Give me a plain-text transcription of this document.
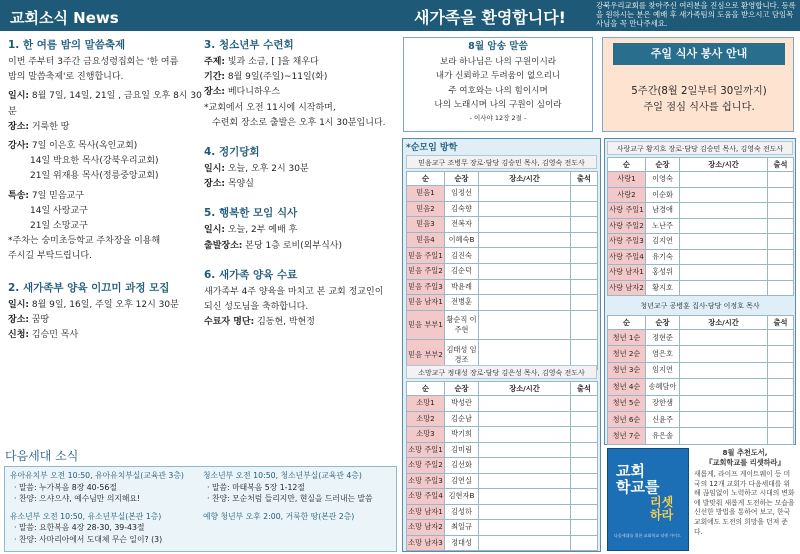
교회소식 News	새가족을 환영합니다!
강북우리교회를 찾아주신 여러분을 진심으로 환영합니다. 등록을 원하시는 분은 예배 후 새가족팀의 도움을 받으시고 담임목사님을 꼭 만나주세요.
1. 한 여름 밤의 말씀축제
이번 주부터 3주간 금요성령집회는 '한 여름
밤의 말씀축제'로 진행합니다.
일시: 8월 7일, 14일, 21일 , 금요일 오후 8시 30분
장소: 거룩한 땅
강사: 7일 이은호 목사(옥인교회)
14일 박요한 목사(강북우리교회)
21일 위재용 목사(정릉중앙교회)
특송: 7일 믿음교구
14일 사랑교구
21일 소망교구
*주차는 숭미초등학교 주차장을 이용해
주시길 부탁드립니다.
2. 새가족부 양육 이끄미 과정 모집
일시: 8월 9일, 16일, 주일 오후 12시 30분
장소: 꿈땅
신청: 김승민 목사
3. 청소년부 수련회
주제: 빛과 소금, [ ]을 채우다
기간: 8월 9일(주일)~11일(화)
장소: 베다니하우스
*교회에서 오전 11시에 시작하며,
수련회 장소로 출발은 오후 1시 30분입니다.
4. 정기당회
일시: 오늘, 오후 2시 30분
장소: 목양실
5. 행복한 모임 식사
일시: 오늘, 2부 예배 후
출발장소: 본당 1층 로비(외부식사)
6. 새가족 양육 수료
새가족부 4주 양육을 마치고 본 교회 정교인이
되신 성도님을 축하합니다.
수료자 명단: 김동현, 박현정
다음세대 소식
유아유치부 오전 10:50, 유아유치부실(교육관 3층)
· 말씀: 누가복음 8장 40-56절
· 찬양: 으샤으샤, 예수님만 의지해요!
유소년부 오전 10:50, 유소년부실(본관 1층)
· 말씀: 요한복음 4장 28-30, 39-43절
· 찬양: 사마리아에서 도대체 무슨 일이? (3)
청소년부 오전 10:50, 청소년부실(교육관 4층)
· 말씀: 마태복음 5장 1-12절
· 찬양: 모순처럼 들리지만, 현실을 드러내는 말씀
예향 청년부 오후 2:00, 거룩한 땅(본관 2층)
8월 암송 말씀
보라 하나님은 나의 구원이시라
내가 신뢰하고 두려움이 없으리니
주 여호와는 나의 힘이시며
나의 노래시며 나의 구원이 심이라
- 이사야 12장 2절 -
주일 식사 봉사 안내
5주간(8월 2일부터 30일까지)
주일 점심 식사를 쉽니다.
*순모임 방학
믿음교구 조병무 장로·담당 김승민 목사, 김영숙 전도사
순	순장	장소/시간	출석
믿음1	임정선		
믿음2	김숙향		
믿음3	전복자		
믿음4	이혜숙B		
믿음 주일1	김진숙		
믿음 주일2	김순덕		
믿음 주일3	박윤례		
믿음 남자1	전병훈		
믿음 부부1	황순직 이주현		
믿음 부부2	김태성 임경조		
소망교구 정대성 장로·담당 김은성 목사, 김영숙 전도사
순	순장	장소/시간	출석
소망1	박성란		
소망2	김순남		
소망3	박기희		
소망 주일1	김미림		
소망 주일2	김선화		
소망 주일3	김연실		
소망 주일4	김현자B		
소망 남자1	김성하		
소망 남자2	최일규		
소망 남자3	정대성		
사랑교구 황지호 장로·담당 김승민 목사, 김영숙 전도사
순	순장	장소/시간	출석
사랑1	이영숙		
사랑2	이순화		
사랑 주일1	남경애		
사랑 주일2	노난주		
사랑 주일3	김지연		
사랑 주일4	유기숙		
사랑 남자1	홍성위		
사랑 남자2	황지호		
청년교구 공병훈 집사·담당 이정호 목사
순	순장	장소/시간	출석
청년 1순	정현준		
청년 2순	염은호		
청년 3순	임지연		
청년 4순	송혜담아		
청년 5순	장한샘		
청년 6순	신윤주		
청년 7순	유은솔		
교회 학교를
리셋 하라
다음세대를 위한 교회학교 리셋 가이드
8월 추천도서,
『교회학교를 리셋하라』
새롭게, 라이프 게이트웨이 등 미국의 12개 교회가 다음세대를 위해 끊임없이 노력하고 시대의 변화에 발맞춰 새롭게 도전하는 모습을 신선한 방법을 통하여 보고, 한국 교회에도 도전의 희망을 던져 준다.
